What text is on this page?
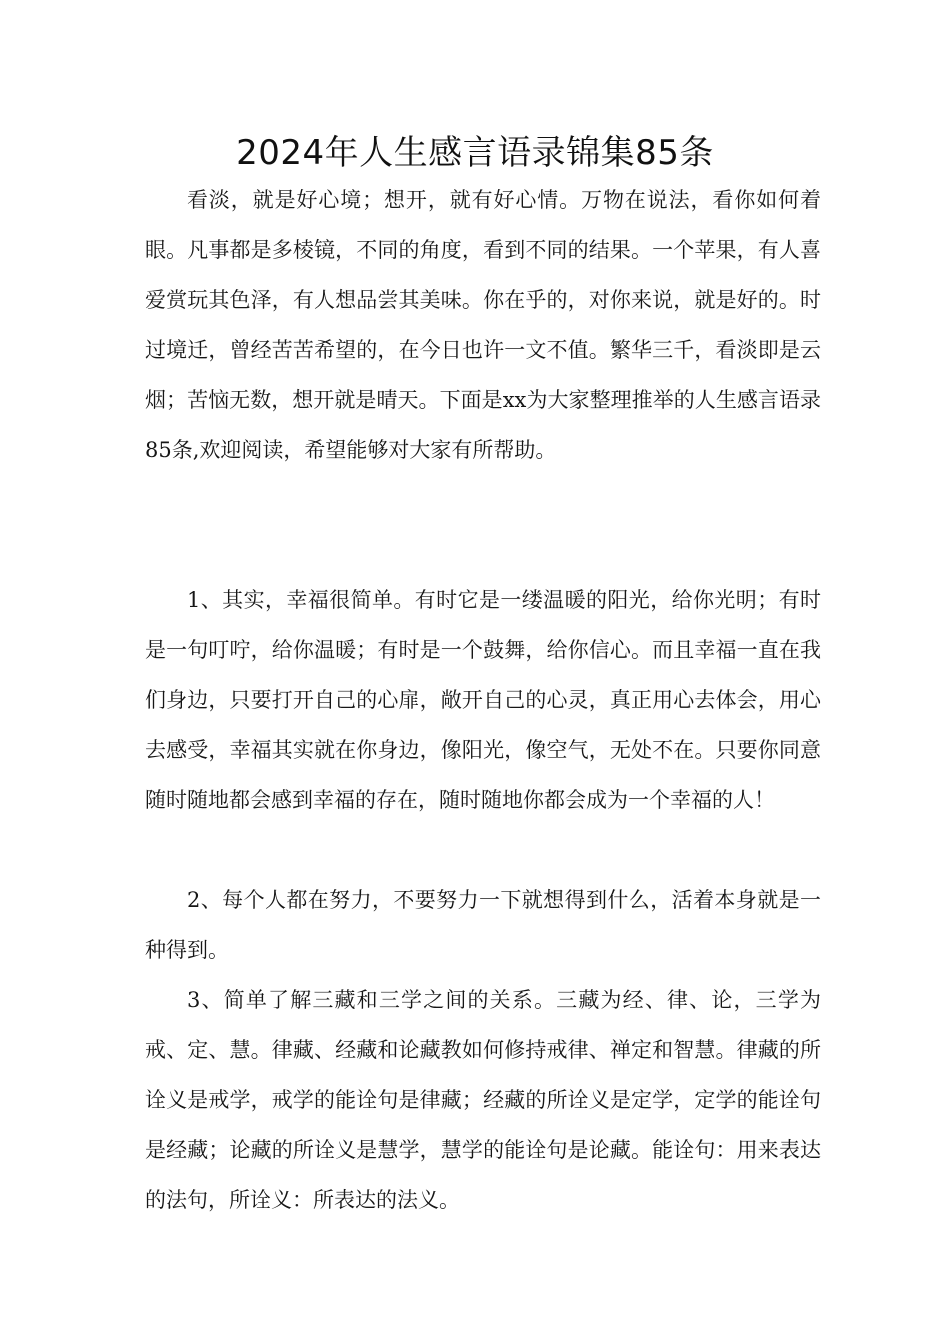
2024年人生感言语录锦集85条

看淡，就是好心境；想开，就有好心情。万物在说法，看你如何着眼。凡事都是多棱镜，不同的角度，看到不同的结果。一个苹果，有人喜爱赏玩其色泽，有人想品尝其美味。你在乎的，对你来说，就是好的。时过境迁，曾经苦苦希望的，在今日也许一文不值。繁华三千，看淡即是云烟；苦恼无数，想开就是晴天。下面是xx为大家整理推举的人生感言语录85条,欢迎阅读，希望能够对大家有所帮助。

1、其实，幸福很简单。有时它是一缕温暖的阳光，给你光明；有时是一句叮咛，给你温暖；有时是一个鼓舞，给你信心。而且幸福一直在我们身边，只要打开自己的心扉，敞开自己的心灵，真正用心去体会，用心去感受，幸福其实就在你身边，像阳光，像空气，无处不在。只要你同意随时随地都会感到幸福的存在，随时随地你都会成为一个幸福的人！

2、每个人都在努力，不要努力一下就想得到什么，活着本身就是一种得到。

3、简单了解三藏和三学之间的关系。三藏为经、律、论，三学为戒、定、慧。律藏、经藏和论藏教如何修持戒律、禅定和智慧。律藏的所诠义是戒学，戒学的能诠句是律藏；经藏的所诠义是定学，定学的能诠句是经藏；论藏的所诠义是慧学，慧学的能诠句是论藏。能诠句：用来表达的法句，所诠义：所表达的法义。
